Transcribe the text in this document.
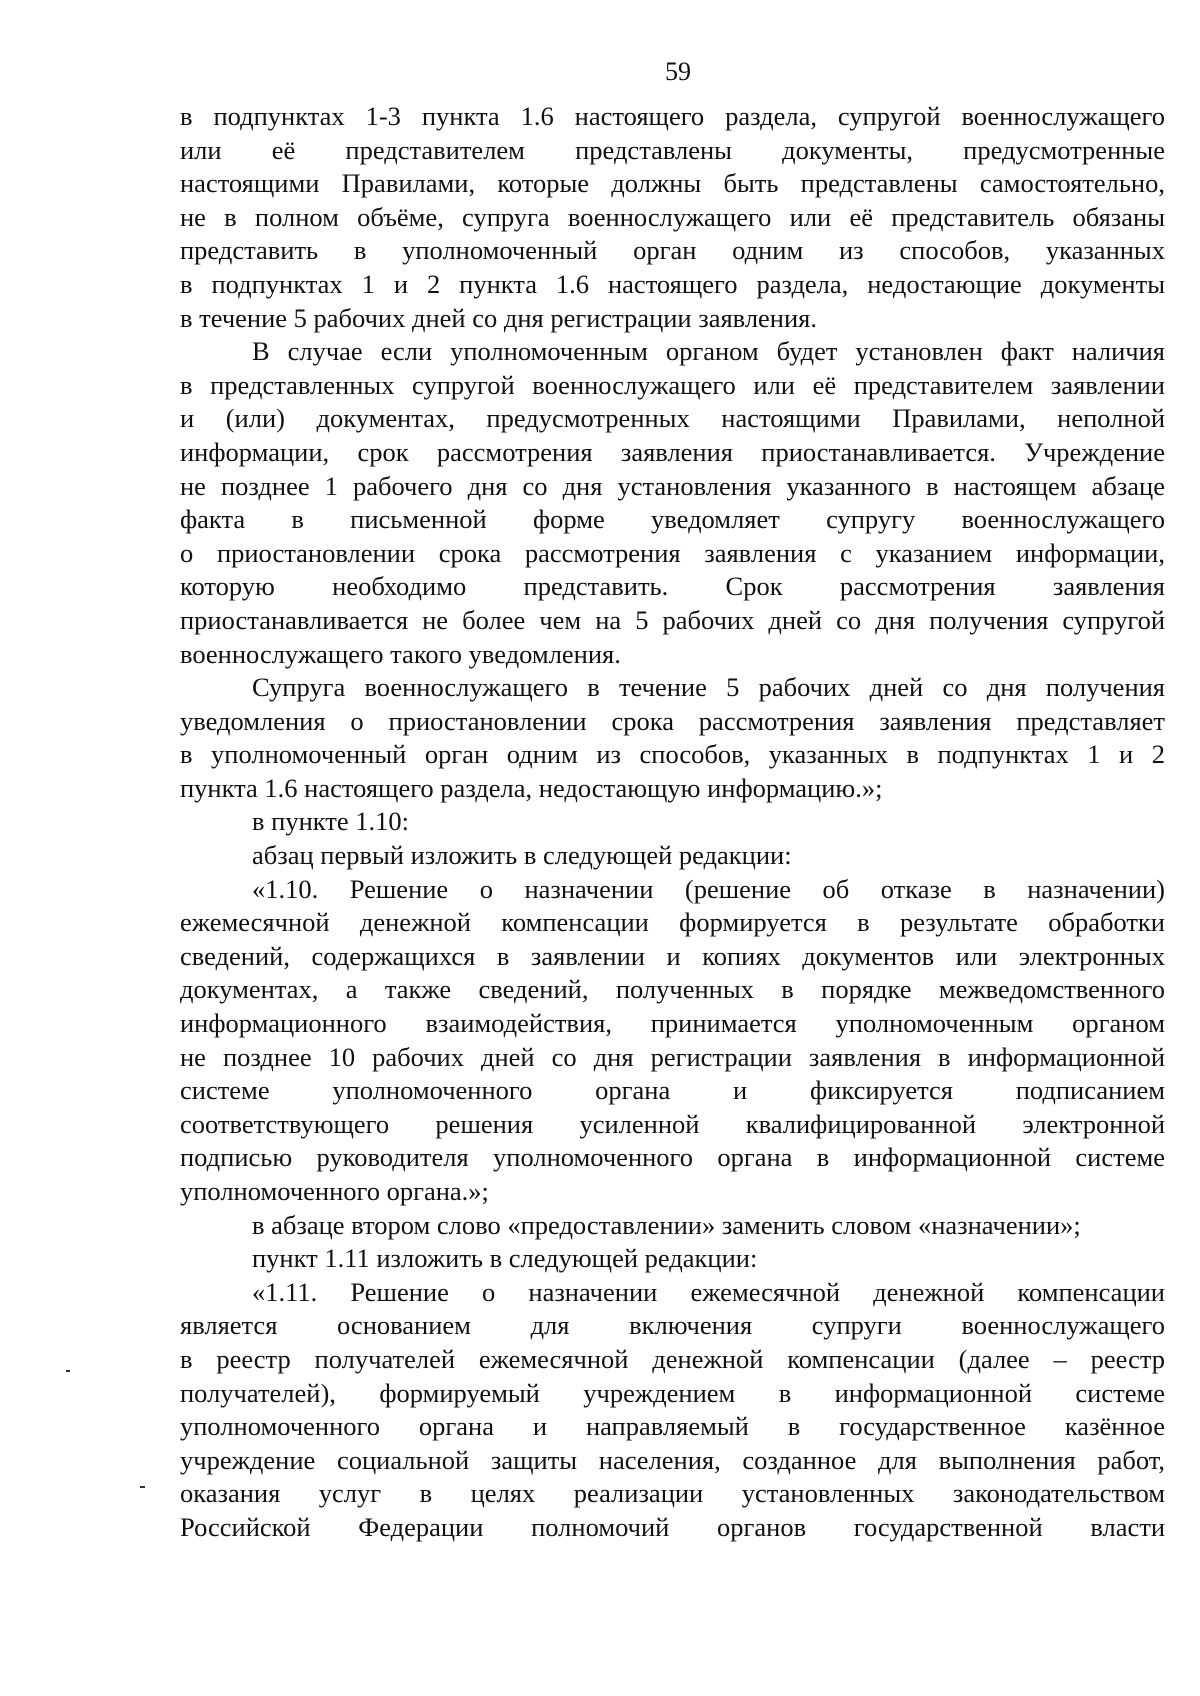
59
в подпунктах 1-3 пункта 1.6 настоящего раздела, супругой военнослужащего
или её представителем представлены документы, предусмотренные
настоящими Правилами, которые должны быть представлены самостоятельно,
не в полном объёме, супруга военнослужащего или её представитель обязаны
представить в уполномоченный орган одним из способов, указанных
в подпунктах 1 и 2 пункта 1.6 настоящего раздела, недостающие документы
в течение 5 рабочих дней со дня регистрации заявления.
В случае если уполномоченным органом будет установлен факт наличия
в представленных супругой военнослужащего или её представителем заявлении
и (или) документах, предусмотренных настоящими Правилами, неполной
информации, срок рассмотрения заявления приостанавливается. Учреждение
не позднее 1 рабочего дня со дня установления указанного в настоящем абзаце
факта в письменной форме уведомляет супругу военнослужащего
о приостановлении срока рассмотрения заявления с указанием информации,
которую необходимо представить. Срок рассмотрения заявления
приостанавливается не более чем на 5 рабочих дней со дня получения супругой
военнослужащего такого уведомления.
Супруга военнослужащего в течение 5 рабочих дней со дня получения
уведомления о приостановлении срока рассмотрения заявления представляет
в уполномоченный орган одним из способов, указанных в подпунктах 1 и 2
пункта 1.6 настоящего раздела, недостающую информацию.»;
в пункте 1.10:
абзац первый изложить в следующей редакции:
«1.10. Решение о назначении (решение об отказе в назначении)
ежемесячной денежной компенсации формируется в результате обработки
сведений, содержащихся в заявлении и копиях документов или электронных
документах, а также сведений, полученных в порядке межведомственного
информационного взаимодействия, принимается уполномоченным органом
не позднее 10 рабочих дней со дня регистрации заявления в информационной
системе уполномоченного органа и фиксируется подписанием
соответствующего решения усиленной квалифицированной электронной
подписью руководителя уполномоченного органа в информационной системе
уполномоченного органа.»;
в абзаце втором слово «предоставлении» заменить словом «назначении»;
пункт 1.11 изложить в следующей редакции:
«1.11. Решение о назначении ежемесячной денежной компенсации
является основанием для включения супруги военнослужащего
в реестр получателей ежемесячной денежной компенсации (далее – реестр
получателей), формируемый учреждением в информационной системе
уполномоченного органа и направляемый в государственное казённое
учреждение социальной защиты населения, созданное для выполнения работ,
оказания услуг в целях реализации установленных законодательством
Российской Федерации полномочий органов государственной власти
